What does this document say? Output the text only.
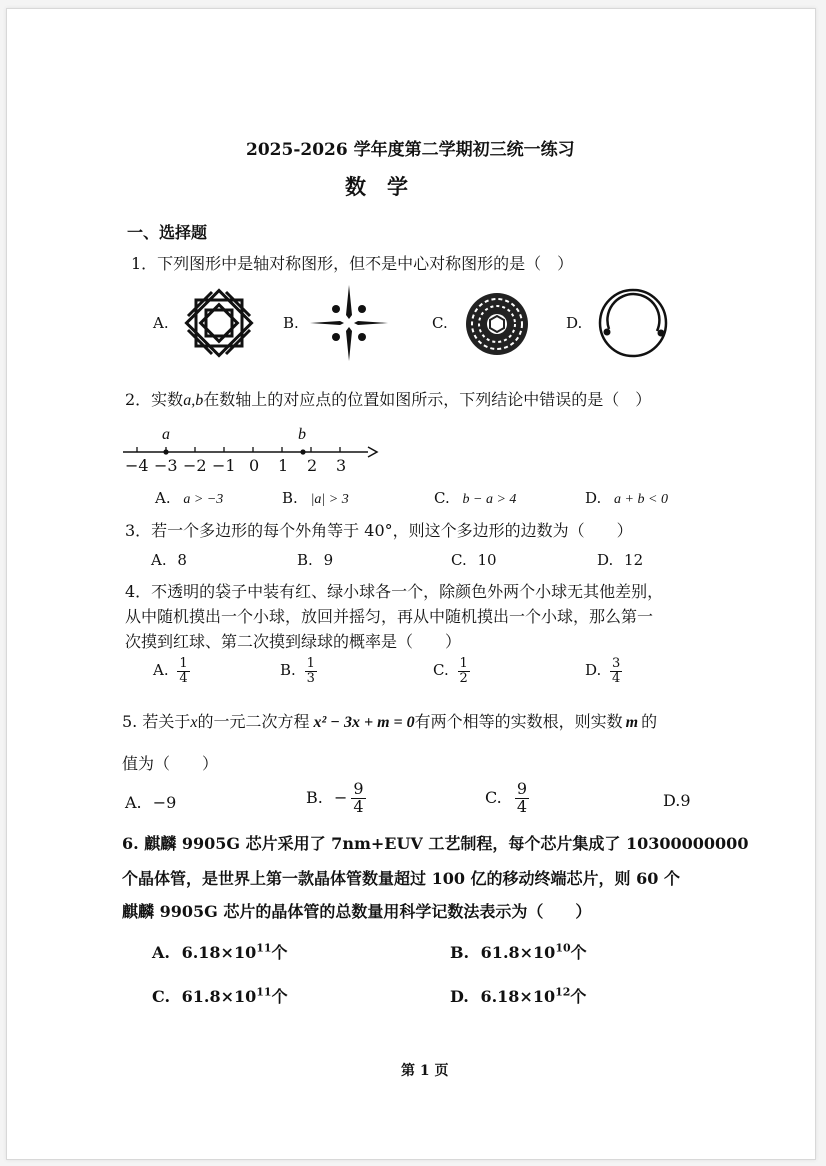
2025-2026 学年度第二学期初三统一练习
数　学
一、选择题
1．下列图形中是轴对称图形，但不是中心对称图形的是（　）
A.	B.	C.	D.
2．实数a,b在数轴上的对应点的位置如图所示，下列结论中错误的是（　）
a	b
−4 −3 −2 −1 0 1 2 3
A. a > −3	B. |a| > 3	C. b − a > 4	D. a + b < 0
3．若一个多边形的每个外角等于 40°，则这个多边形的边数为（　　）
A. 8	B. 9	C. 10	D. 12
4．不透明的袋子中装有红、绿小球各一个，除颜色外两个小球无其他差别，
从中随机摸出一个小球，放回并摇匀，再从中随机摸出一个小球，那么第一
次摸到红球、第二次摸到绿球的概率是（　　）
A. $\frac{1}{4}$	B. $\frac{1}{3}$	C. $\frac{1}{2}$	D. $\frac{3}{4}$
5. 若关于x的一元二次方程 x² − 3x + m = 0有两个相等的实数根，则实数 m 的
值为（　　）
A. −9	B. − $\frac{9}{4}$	C. $\frac{9}{4}$	D.9
6. 麒麟 9905G 芯片采用了 7nm+EUV 工艺制程，每个芯片集成了 10300000000
个晶体管，是世界上第一款晶体管数量超过 100 亿的移动终端芯片，则 60 个
麒麟 9905G 芯片的晶体管的总数量用科学记数法表示为（　　）
A. $6.18\times 10^{11}$个	B. $61.8\times 10^{10}$个
C. $61.8\times 10^{11}$个	D. $6.18\times 10^{12}$个
第 1 页
